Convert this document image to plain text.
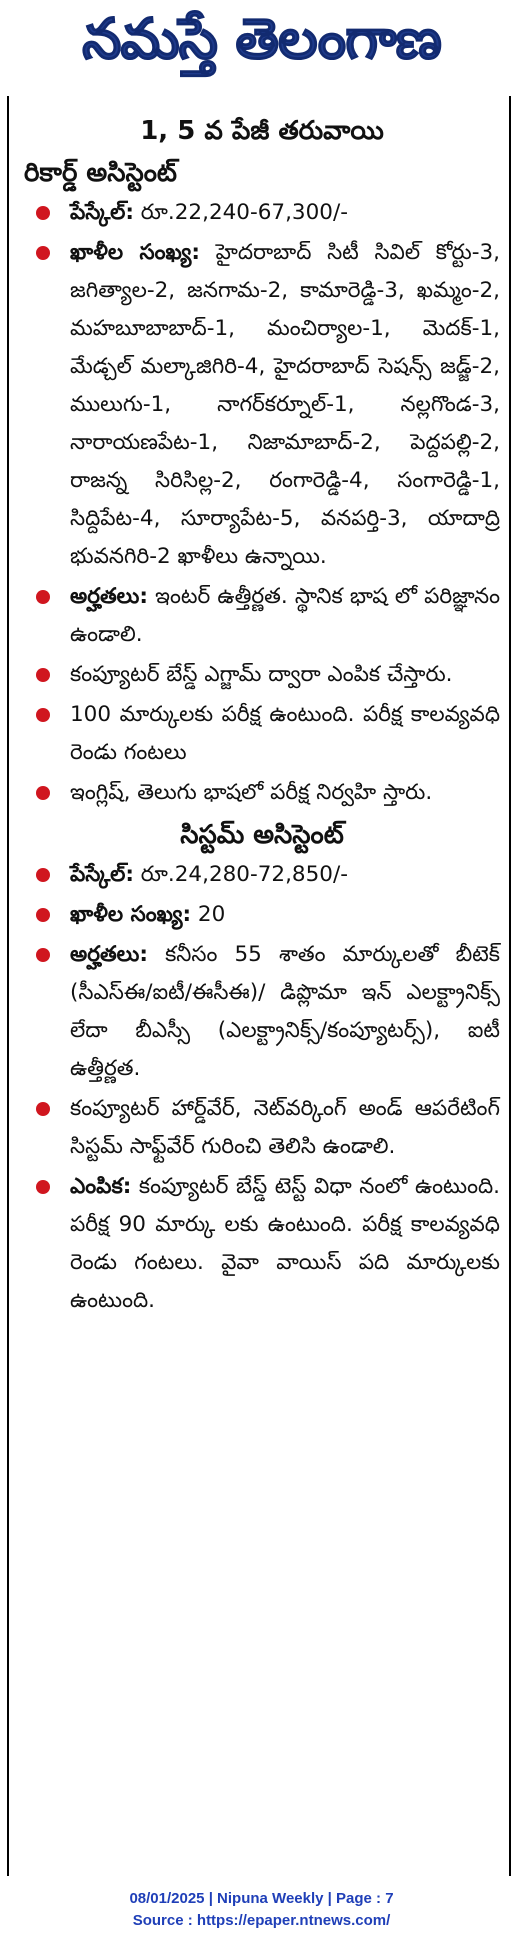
నమస్తే తెలంగాణ
1, 5 వ పేజీ తరువాయి
రికార్డ్‌ అసిస్టెంట్‌
పేస్కేల్‌: రూ.22,240-67,300/-
ఖాళీల సంఖ్య: హైదరాబాద్‌ సిటీ సివిల్‌ కోర్టు-3, జగిత్యాల-2, జనగామ-2, కామారెడ్డి-3, ఖమ్మం-2, మహబూబాబాద్‌-1, మంచిర్యాల-1, మెదక్‌-1, మేడ్చల్‌ మల్కాజిగిరి-4, హైదరాబాద్‌ సెషన్స్‌ జడ్జ్‌-2, ములుగు-1, నాగర్‌కర్నూల్‌-1, నల్లగొండ-3, నారాయణపేట-1, నిజామాబాద్‌-2, పెద్దపల్లి-2, రాజన్న సిరిసిల్ల-2, రంగారెడ్డి-4, సంగారెడ్డి-1, సిద్దిపేట-4, సూర్యాపేట-5, వనపర్తి-3, యాదాద్రి భువనగిరి-2 ఖాళీలు ఉన్నాయి.
అర్హతలు: ఇంటర్‌ ఉత్తీర్ణత. స్థానిక భాష లో పరిజ్ఞానం ఉండాలి.
కంప్యూటర్‌ బేస్డ్‌ ఎగ్జామ్‌ ద్వారా ఎంపిక చేస్తారు.
100 మార్కులకు పరీక్ష ఉంటుంది. పరీక్ష కాలవ్యవధి రెండు గంటలు
ఇంగ్లిష్‌, తెలుగు భాషలో పరీక్ష నిర్వహి స్తారు.
సిస్టమ్‌ అసిస్టెంట్‌
పేస్కేల్‌: రూ.24,280-72,850/-
ఖాళీల సంఖ్య: 20
అర్హతలు: కనీసం 55 శాతం మార్కులతో బీటెక్‌ (సీఎస్‌ఈ/ఐటీ/ఈసీఈ)/ డిప్లొమా ఇన్‌ ఎలక్ట్రానిక్స్‌ లేదా బీఎస్సీ (ఎలక్ట్రానిక్స్‌/కంప్యూటర్స్‌), ఐటీ ఉత్తీర్ణత.
కంప్యూటర్‌ హార్డ్‌వేర్‌, నెట్‌వర్కింగ్‌ అండ్‌ ఆపరేటింగ్‌ సిస్టమ్‌ సాఫ్ట్‌వేర్‌ గురించి తెలిసి ఉండాలి.
ఎంపిక: కంప్యూటర్‌ బేస్డ్‌ టెస్ట్‌ విధా నంలో ఉంటుంది. పరీక్ష 90 మార్కు లకు ఉంటుంది. పరీక్ష కాలవ్యవధి రెండు గంటలు. వైవా వాయిస్‌ పది మార్కులకు ఉంటుంది.
08/01/2025 | Nipuna Weekly | Page : 7
Source : https://epaper.ntnews.com/
